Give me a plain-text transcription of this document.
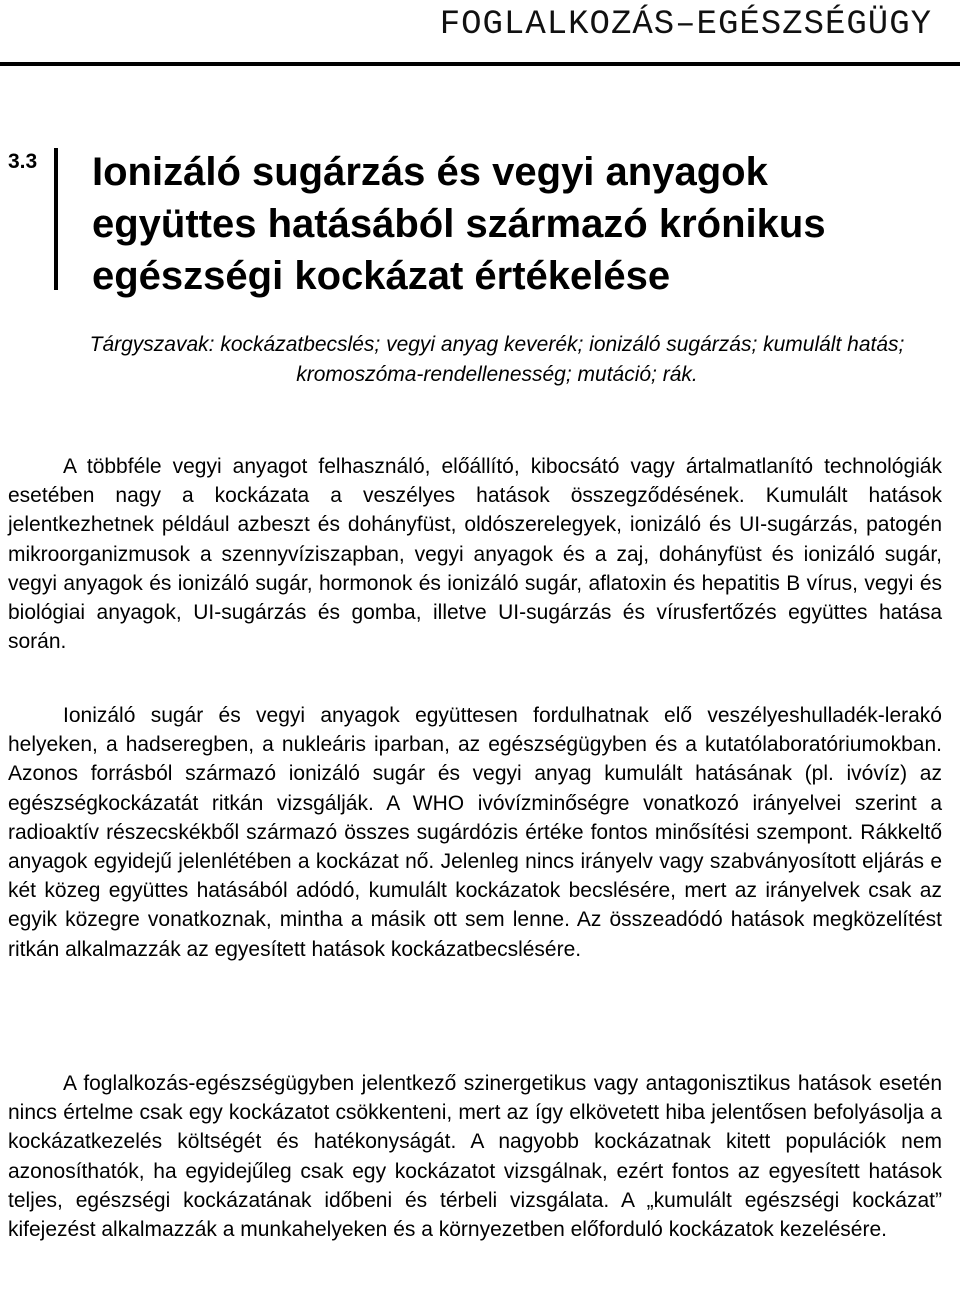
FOGLALKOZÁS–EGÉSZSÉGÜGY
3.3 Ionizáló sugárzás és vegyi anyagok együttes hatásából származó krónikus egészségi kockázat értékelése

Tárgyszavak: kockázatbecslés; vegyi anyag keverék; ionizáló sugárzás; kumulált hatás; kromoszóma-rendellenesség; mutáció; rák.

A többféle vegyi anyagot felhasználó, előállító, kibocsátó vagy ártalmatlanító technológiák esetében nagy a kockázata a veszélyes hatások összegződésének. Kumulált hatások jelentkezhetnek például azbeszt és dohányfüst, oldószerelegyek, ionizáló és UI-sugárzás, patogén mikroorganizmusok a szennyvíziszapban, vegyi anyagok és a zaj, dohányfüst és ionizáló sugár, vegyi anyagok és ionizáló sugár, hormonok és ionizáló sugár, aflatoxin és hepatitis B vírus, vegyi és biológiai anyagok, UI-sugárzás és gomba, illetve UI-sugárzás és vírusfertőzés együttes hatása során.

Ionizáló sugár és vegyi anyagok együttesen fordulhatnak elő veszélyeshulladék-lerakó helyeken, a hadseregben, a nukleáris iparban, az egészségügyben és a kutatólaboratóriumokban. Azonos forrásból származó ionizáló sugár és vegyi anyag kumulált hatásának (pl. ivóvíz) az egészségkockázatát ritkán vizsgálják. A WHO ivóvízminőségre vonatkozó irányelvei szerint a radioaktív részecskékből származó összes sugárdózis értéke fontos minősítési szempont. Rákkeltő anyagok egyidejű jelenlétében a kockázat nő. Jelenleg nincs irányelv vagy szabványosított eljárás e két közeg együttes hatásából adódó, kumulált kockázatok becslésére, mert az irányelvek csak az egyik közegre vonatkoznak, mintha a másik ott sem lenne. Az összeadódó hatások megközelítést ritkán alkalmazzák az egyesített hatások kockázatbecslésére.

A foglalkozás-egészségügyben jelentkező szinergetikus vagy antagonisztikus hatások esetén nincs értelme csak egy kockázatot csökkenteni, mert az így elkövetett hiba jelentősen befolyásolja a kockázatkezelés költségét és hatékonyságát. A nagyobb kockázatnak kitett populációk nem azonosíthatók, ha egyidejűleg csak egy kockázatot vizsgálnak, ezért fontos az egyesített hatások teljes, egészségi kockázatának időbeni és térbeli vizsgálata. A „kumulált egészségi kockázat” kifejezést alkalmazzák a munkahelyeken és a környezetben előforduló kockázatok kezelésére.
